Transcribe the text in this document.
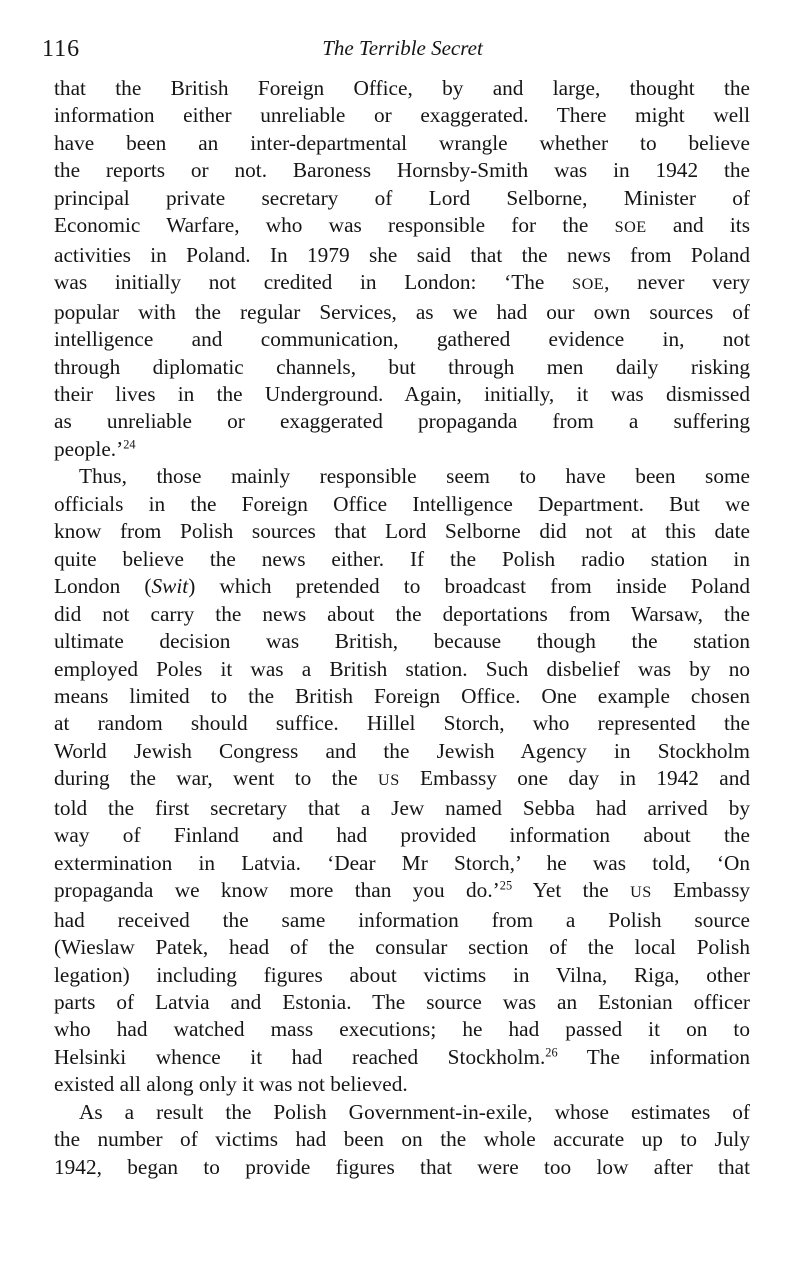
116	The Terrible Secret
that the British Foreign Office, by and large, thought the
information either unreliable or exaggerated. There might well
have been an inter-departmental wrangle whether to believe
the reports or not. Baroness Hornsby-Smith was in 1942 the
principal private secretary of Lord Selborne, Minister of
Economic Warfare, who was responsible for the SOE and its
activities in Poland. In 1979 she said that the news from Poland
was initially not credited in London: ‘The SOE, never very
popular with the regular Services, as we had our own sources of
intelligence and communication, gathered evidence in, not
through diplomatic channels, but through men daily risking
their lives in the Underground. Again, initially, it was dismissed
as unreliable or exaggerated propaganda from a suffering
people.’$^{24}$
Thus, those mainly responsible seem to have been some
officials in the Foreign Office Intelligence Department. But we
know from Polish sources that Lord Selborne did not at this date
quite believe the news either. If the Polish radio station in
London (Swit) which pretended to broadcast from inside Poland
did not carry the news about the deportations from Warsaw, the
ultimate decision was British, because though the station
employed Poles it was a British station. Such disbelief was by no
means limited to the British Foreign Office. One example chosen
at random should suffice. Hillel Storch, who represented the
World Jewish Congress and the Jewish Agency in Stockholm
during the war, went to the US Embassy one day in 1942 and
told the first secretary that a Jew named Sebba had arrived by
way of Finland and had provided information about the
extermination in Latvia. ‘Dear Mr Storch,’ he was told, ‘On
propaganda we know more than you do.’$^{25}$ Yet the US Embassy
had received the same information from a Polish source
(Wieslaw Patek, head of the consular section of the local Polish
legation) including figures about victims in Vilna, Riga, other
parts of Latvia and Estonia. The source was an Estonian officer
who had watched mass executions; he had passed it on to
Helsinki whence it had reached Stockholm.$^{26}$ The information
existed all along only it was not believed.
As a result the Polish Government-in-exile, whose estimates of
the number of victims had been on the whole accurate up to July
1942, began to provide figures that were too low after that
